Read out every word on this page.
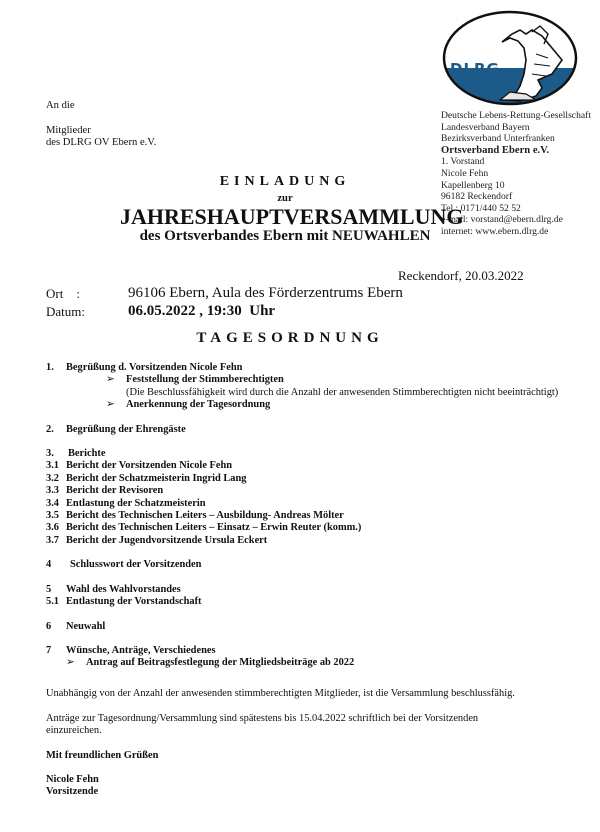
DLRG
Deutsche Lebens-Rettung-Gesellschaft
Landesverband Bayern
Bezirksverband Unterfranken
Ortsverband Ebern e.V.
1. Vorstand
Nicole Fehn
Kapellenberg 10
96182 Reckendorf
Tel.: 0171/440 52 52
e-mail: vorstand@ebern.dlrg.de
internet: www.ebern.dlrg.de
An die
Mitglieder
des DLRG OV Ebern e.V.
EINLADUNG
zur
JAHRESHAUPTVERSAMMLUNG
des Ortsverbandes Ebern mit NEUWAHLEN
Reckendorf, 20.03.2022
Ort    :	96106 Ebern, Aula des Förderzentrums Ebern
Datum:	06.05.2022 , 19:30  Uhr
TAGESORDNUNG
1. Begrüßung d. Vorsitzenden Nicole Fehn
➢	Feststellung der Stimmberechtigten
(Die Beschlussfähigkeit wird durch die Anzahl der anwesenden Stimmberechtigten nicht beeinträchtigt)
➢	Anerkennung der Tagesordnung
2. Begrüßung der Ehrengäste
3. Berichte
3.1 Bericht der Vorsitzenden Nicole Fehn
3.2 Bericht der Schatzmeisterin Ingrid Lang
3.3 Bericht der Revisoren
3.4 Entlastung der Schatzmeisterin
3.5 Bericht des Technischen Leiters – Ausbildung- Andreas Mölter
3.6 Bericht des Technischen Leiters – Einsatz – Erwin Reuter (komm.)
3.7 Bericht der Jugendvorsitzende Ursula Eckert
4 Schlusswort der Vorsitzenden
5 Wahl des Wahlvorstandes
5.1 Entlastung der Vorstandschaft
6 Neuwahl
7 Wünsche, Anträge, Verschiedenes
➢	Antrag auf Beitragsfestlegung der Mitgliedsbeiträge ab 2022
Unabhängig von der Anzahl der anwesenden stimmberechtigten Mitglieder, ist die Versammlung beschlussfähig.
Anträge zur Tagesordnung/Versammlung sind spätestens bis 15.04.2022 schriftlich bei der Vorsitzenden einzureichen.
Mit freundlichen Grüßen
Nicole Fehn
Vorsitzende
